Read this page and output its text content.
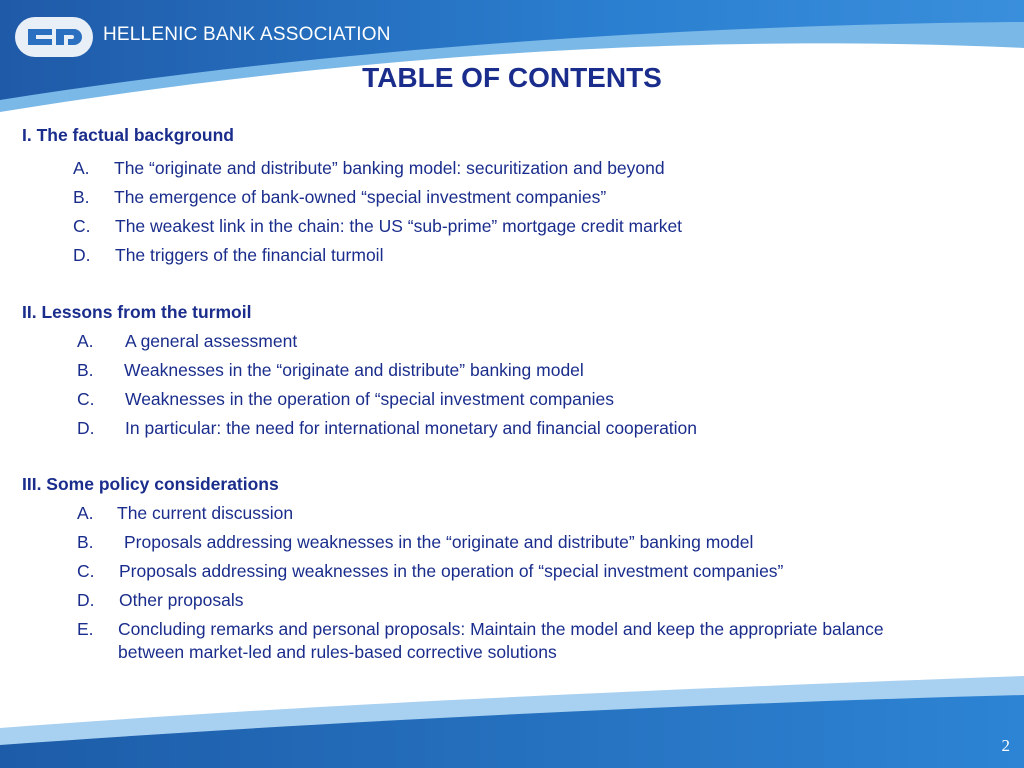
HELLENIC BANK ASSOCIATION
TABLE OF CONTENTS
I. The factual background
A. The “originate and distribute” banking model: securitization and beyond
B. The emergence of bank-owned “special investment companies”
C. The weakest link in the chain: the US “sub-prime” mortgage credit market
D. The triggers of the financial turmoil
II. Lessons from the turmoil
A. A general assessment
B. Weaknesses in the “originate and distribute” banking model
C. Weaknesses in the operation of “special investment companies
D. In particular: the need for international monetary and financial cooperation
III. Some policy considerations
A. The current discussion
B. Proposals addressing weaknesses in the “originate and distribute” banking model
C. Proposals addressing weaknesses in the operation of “special investment companies”
D. Other proposals
E. Concluding remarks and personal proposals: Maintain the model and keep the appropriate balance
between market-led and rules-based corrective solutions
2
